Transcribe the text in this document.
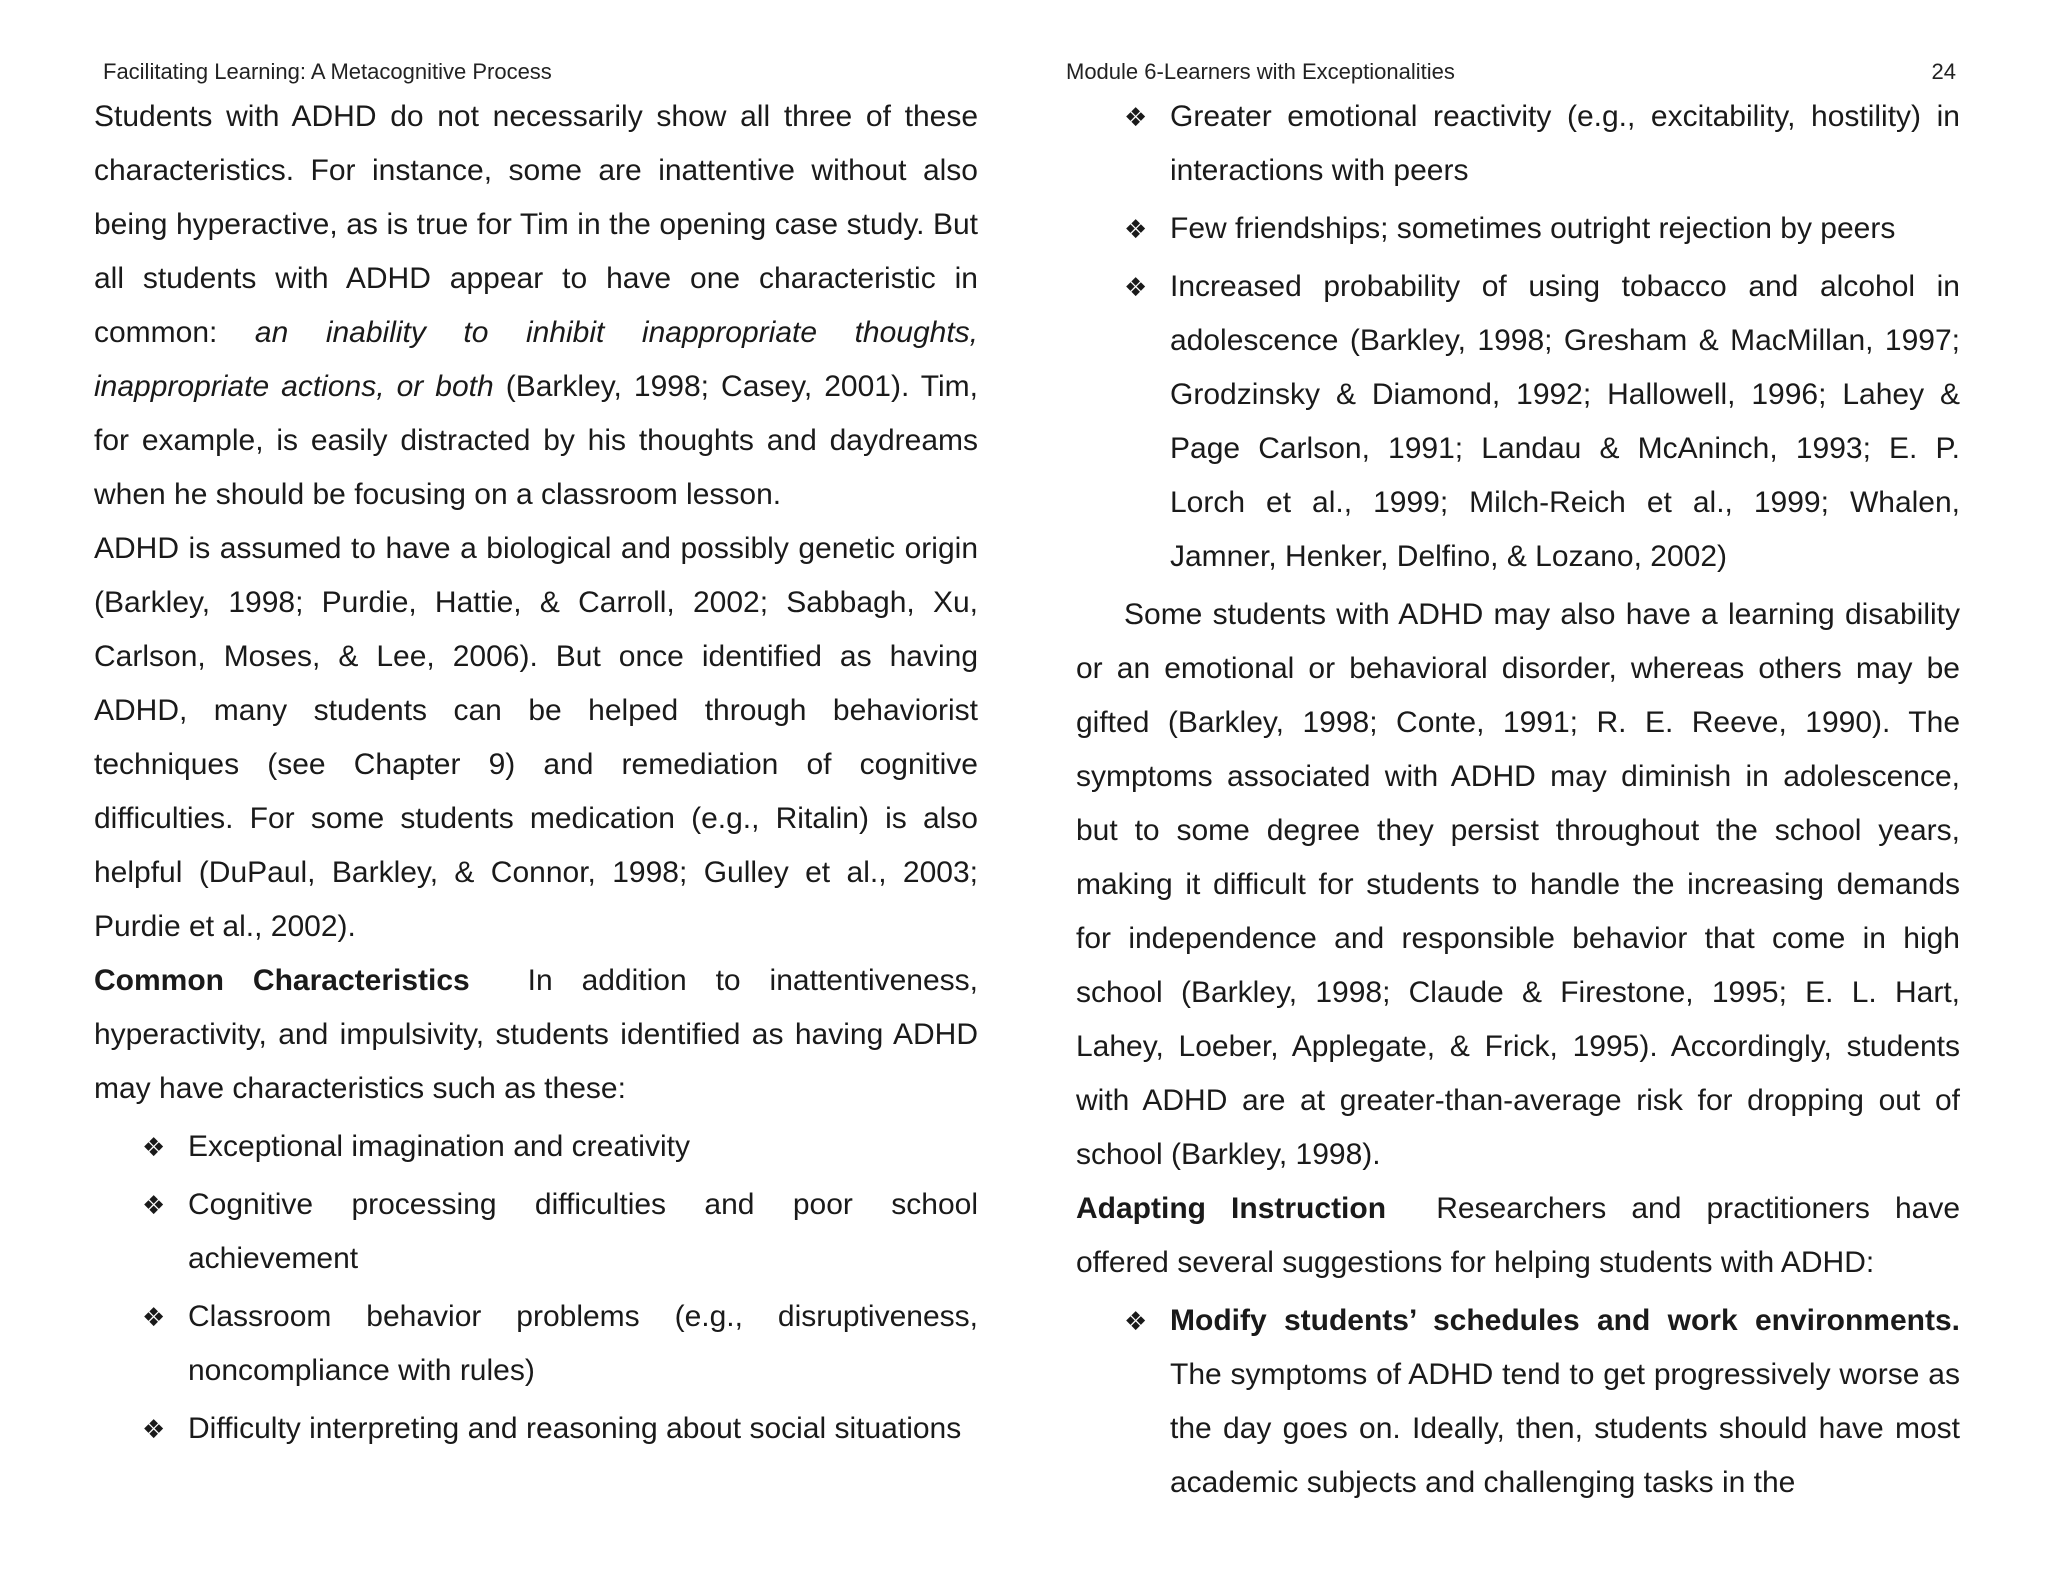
Facilitating Learning: A Metacognitive Process	Module 6-Learners with Exceptionalities	24

Students with ADHD do not necessarily show all three of these characteristics. For instance, some are inattentive without also being hyperactive, as is true for Tim in the opening case study. But all students with ADHD appear to have one characteristic in common: an inability to inhibit inappropriate thoughts, inappropriate actions, or both (Barkley, 1998; Casey, 2001). Tim, for example, is easily distracted by his thoughts and daydreams when he should be focusing on a classroom lesson.

ADHD is assumed to have a biological and possibly genetic origin (Barkley, 1998; Purdie, Hattie, & Carroll, 2002; Sabbagh, Xu, Carlson, Moses, & Lee, 2006). But once identified as having ADHD, many students can be helped through behaviorist techniques (see Chapter 9) and remediation of cognitive difficulties. For some students medication (e.g., Ritalin) is also helpful (DuPaul, Barkley, & Connor, 1998; Gulley et al., 2003; Purdie et al., 2002).

Common Characteristics In addition to inattentiveness, hyperactivity, and impulsivity, students identified as having ADHD may have characteristics such as these:

❖ Exceptional imagination and creativity
❖ Cognitive processing difficulties and poor school achievement
❖ Classroom behavior problems (e.g., disruptiveness, noncompliance with rules)
❖ Difficulty interpreting and reasoning about social situations
❖ Greater emotional reactivity (e.g., excitability, hostility) in interactions with peers
❖ Few friendships; sometimes outright rejection by peers
❖ Increased probability of using tobacco and alcohol in adolescence (Barkley, 1998; Gresham & MacMillan, 1997; Grodzinsky & Diamond, 1992; Hallowell, 1996; Lahey & Page Carlson, 1991; Landau & McAninch, 1993; E. P. Lorch et al., 1999; Milch-Reich et al., 1999; Whalen, Jamner, Henker, Delfino, & Lozano, 2002)

Some students with ADHD may also have a learning disability or an emotional or behavioral disorder, whereas others may be gifted (Barkley, 1998; Conte, 1991; R. E. Reeve, 1990). The symptoms associated with ADHD may diminish in adolescence, but to some degree they persist throughout the school years, making it difficult for students to handle the increasing demands for independence and responsible behavior that come in high school (Barkley, 1998; Claude & Firestone, 1995; E. L. Hart, Lahey, Loeber, Applegate, & Frick, 1995). Accordingly, students with ADHD are at greater-than-average risk for dropping out of school (Barkley, 1998).

Adapting Instruction Researchers and practitioners have offered several suggestions for helping students with ADHD:

❖ Modify students’ schedules and work environments. The symptoms of ADHD tend to get progressively worse as the day goes on. Ideally, then, students should have most academic subjects and challenging tasks in the
